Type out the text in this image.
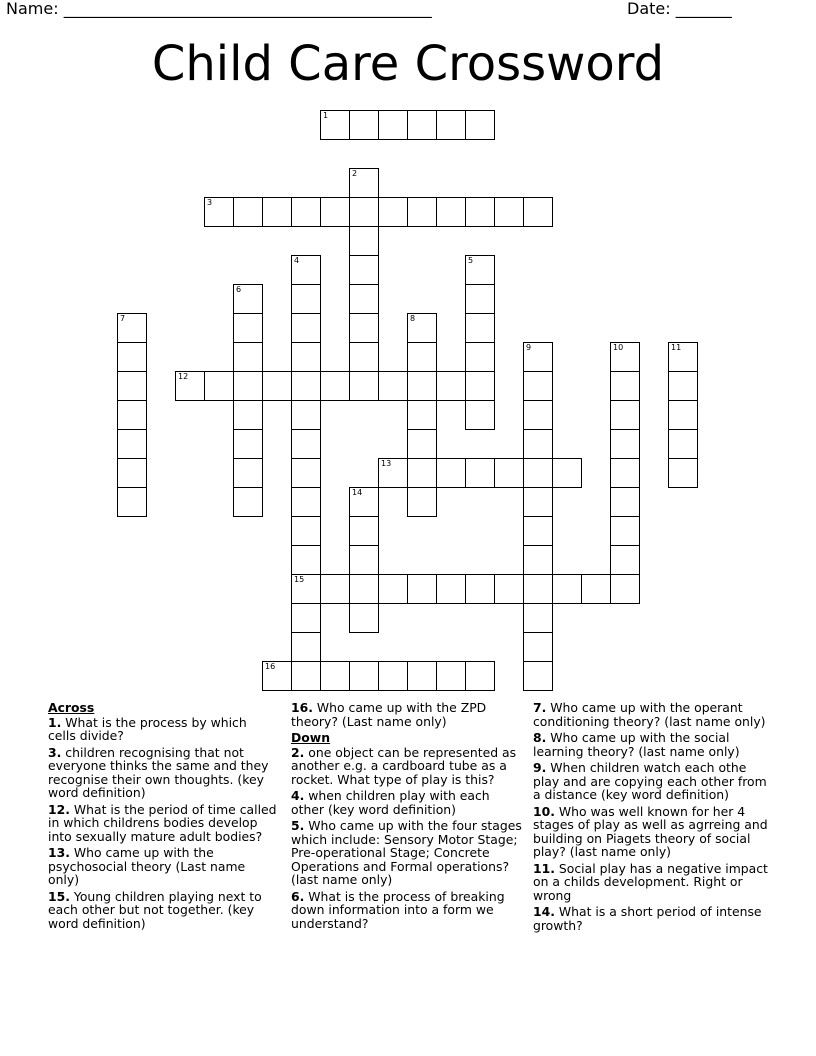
Name: ______________________________________________	Date: _______
Child Care Crossword
1
2
3
4
15
5
6
7	8
9	10	11
12
13
14
16
Across
1. What is the process by which cells divide?
3. children recognising that not everyone thinks the same and they recognise their own thoughts. (key word definition)
12. What is the period of time called in which childrens bodies develop into sexually mature adult bodies?
13. Who came up with the psychosocial theory (Last name only)
15. Young children playing next to each other but not together. (key word definition)
16. Who came up with the ZPD theory? (Last name only)
Down
2. one object can be represented as another e.g. a cardboard tube as a rocket. What type of play is this?
4. when children play with each other (key word definition)
5. Who came up with the four stages which include: Sensory Motor Stage; Pre-operational Stage; Concrete Operations and Formal operations? (last name only)
6. What is the process of breaking down information into a form we understand?
7. Who came up with the operant conditioning theory? (last name only)
8. Who came up with the social learning theory? (last name only)
9. When children watch each othe play and are copying each other from a distance (key word definition)
10. Who was well known for her 4 stages of play as well as agrreing and building on Piagets theory of social play? (last name only)
11. Social play has a negative impact on a childs development. Right or wrong
14. What is a short period of intense growth?
